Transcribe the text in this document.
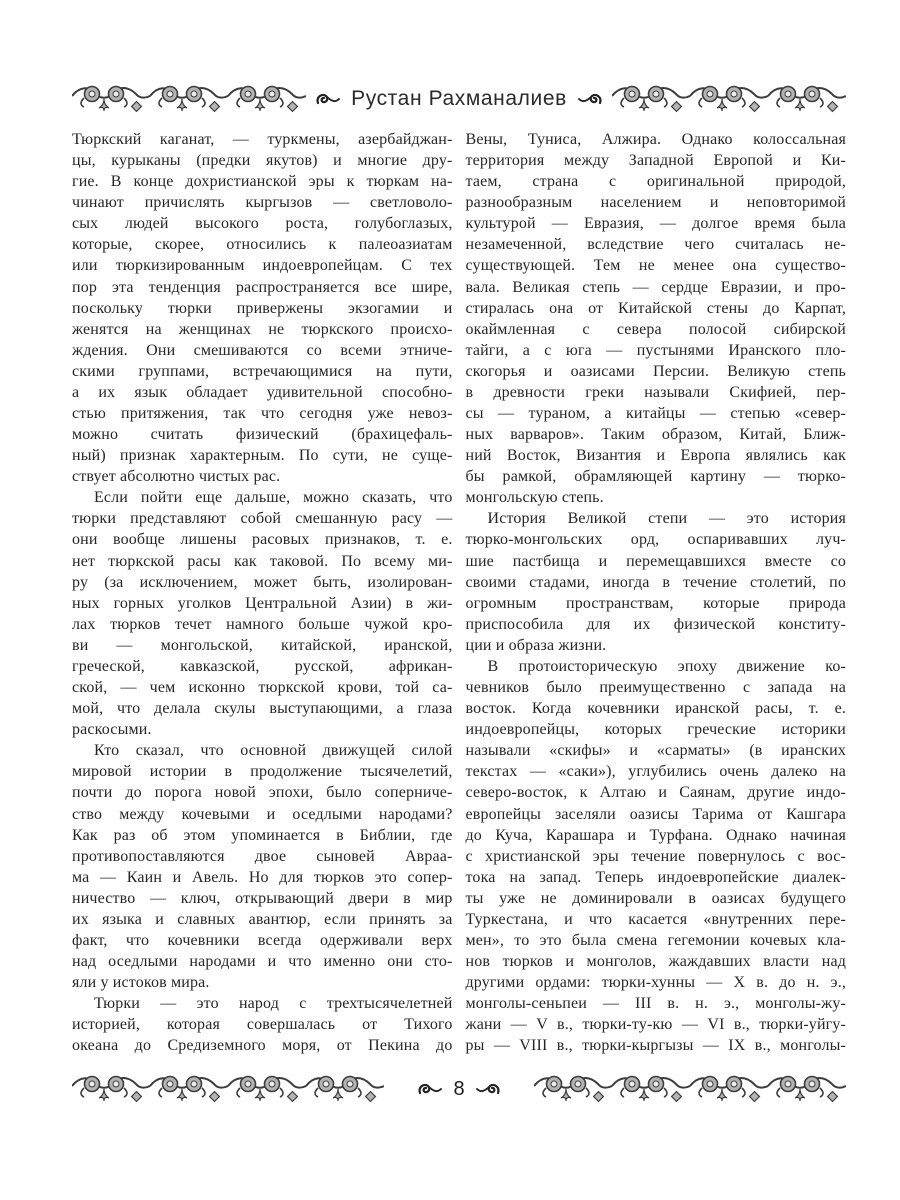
Рустан Рахманалиев
Тюркский каганат, — туркмены, азербайджан-
цы, курыканы (предки якутов) и многие дру-
гие. В конце дохристианской эры к тюркам на-
чинают причислять кыргызов — светловоло-
сых людей высокого роста, голубоглазых,
которые, скорее, относились к палеоазиатам
или тюркизированным индоевропейцам. С тех
пор эта тенденция распространяется все шире,
поскольку тюрки привержены экзогамии и
женятся на женщинах не тюркского происхо-
ждения. Они смешиваются со всеми этниче-
скими группами, встречающимися на пути,
а их язык обладает удивительной способно-
стью притяжения, так что сегодня уже невоз-
можно считать физический (брахицефаль-
ный) признак характерным. По сути, не суще-
ствует абсолютно чистых рас.
Если пойти еще дальше, можно сказать, что
тюрки представляют собой смешанную расу —
они вообще лишены расовых признаков, т. е.
нет тюркской расы как таковой. По всему ми-
ру (за исключением, может быть, изолирован-
ных горных уголков Центральной Азии) в жи-
лах тюрков течет намного больше чужой кро-
ви — монгольской, китайской, иранской,
греческой, кавказской, русской, африкан-
ской, — чем исконно тюркской крови, той са-
мой, что делала скулы выступающими, а глаза
раскосыми.
Кто сказал, что основной движущей силой
мировой истории в продолжение тысячелетий,
почти до порога новой эпохи, было соперниче-
ство между кочевыми и оседлыми народами?
Как раз об этом упоминается в Библии, где
противопоставляются двое сыновей Авраа-
ма — Каин и Авель. Но для тюрков это сопер-
ничество — ключ, открывающий двери в мир
их языка и славных авантюр, если принять за
факт, что кочевники всегда одерживали верх
над оседлыми народами и что именно они сто-
яли у истоков мира.
Тюрки — это народ с трехтысячелетней
историей, которая совершалась от Тихого
океана до Средиземного моря, от Пекина до
Вены, Туниса, Алжира. Однако колоссальная
территория между Западной Европой и Ки-
таем, страна с оригинальной природой,
разнообразным населением и неповторимой
культурой — Евразия, — долгое время была
незамеченной, вследствие чего считалась не-
существующей. Тем не менее она существо-
вала. Великая степь — сердце Евразии, и про-
стиралась она от Китайской стены до Карпат,
окаймленная с севера полосой сибирской
тайги, а с юга — пустынями Иранского пло-
скогорья и оазисами Персии. Великую степь
в древности греки называли Скифией, пер-
сы — тураном, а китайцы — степью «север-
ных варваров». Таким образом, Китай, Ближ-
ний Восток, Византия и Европа являлись как
бы рамкой, обрамляющей картину — тюрко-
монгольскую степь.
История Великой степи — это история
тюрко-монгольских орд, оспаривавших луч-
шие пастбища и перемещавшихся вместе со
своими стадами, иногда в течение столетий, по
огромным пространствам, которые природа
приспособила для их физической конститу-
ции и образа жизни.
В протоисторическую эпоху движение ко-
чевников было преимущественно с запада на
восток. Когда кочевники иранской расы, т. е.
индоевропейцы, которых греческие историки
называли «скифы» и «сарматы» (в иранских
текстах — «саки»), углубились очень далеко на
северо-восток, к Алтаю и Саянам, другие индо-
европейцы заселяли оазисы Тарима от Кашгара
до Куча, Карашара и Турфана. Однако начиная
с христианской эры течение повернулось с вос-
тока на запад. Теперь индоевропейские диалек-
ты уже не доминировали в оазисах будущего
Туркестана, и что касается «внутренних пере-
мен», то это была смена гегемонии кочевых кла-
нов тюрков и монголов, жаждавших власти над
другими ордами: тюрки-хунны — X в. до н. э.,
монголы-сеньпеи — III в. н. э., монголы-жу-
жани — V в., тюрки-ту-кю — VI в., тюрки-уйгу-
ры — VIII в., тюрки-кыргызы — IX в., монголы-
8
